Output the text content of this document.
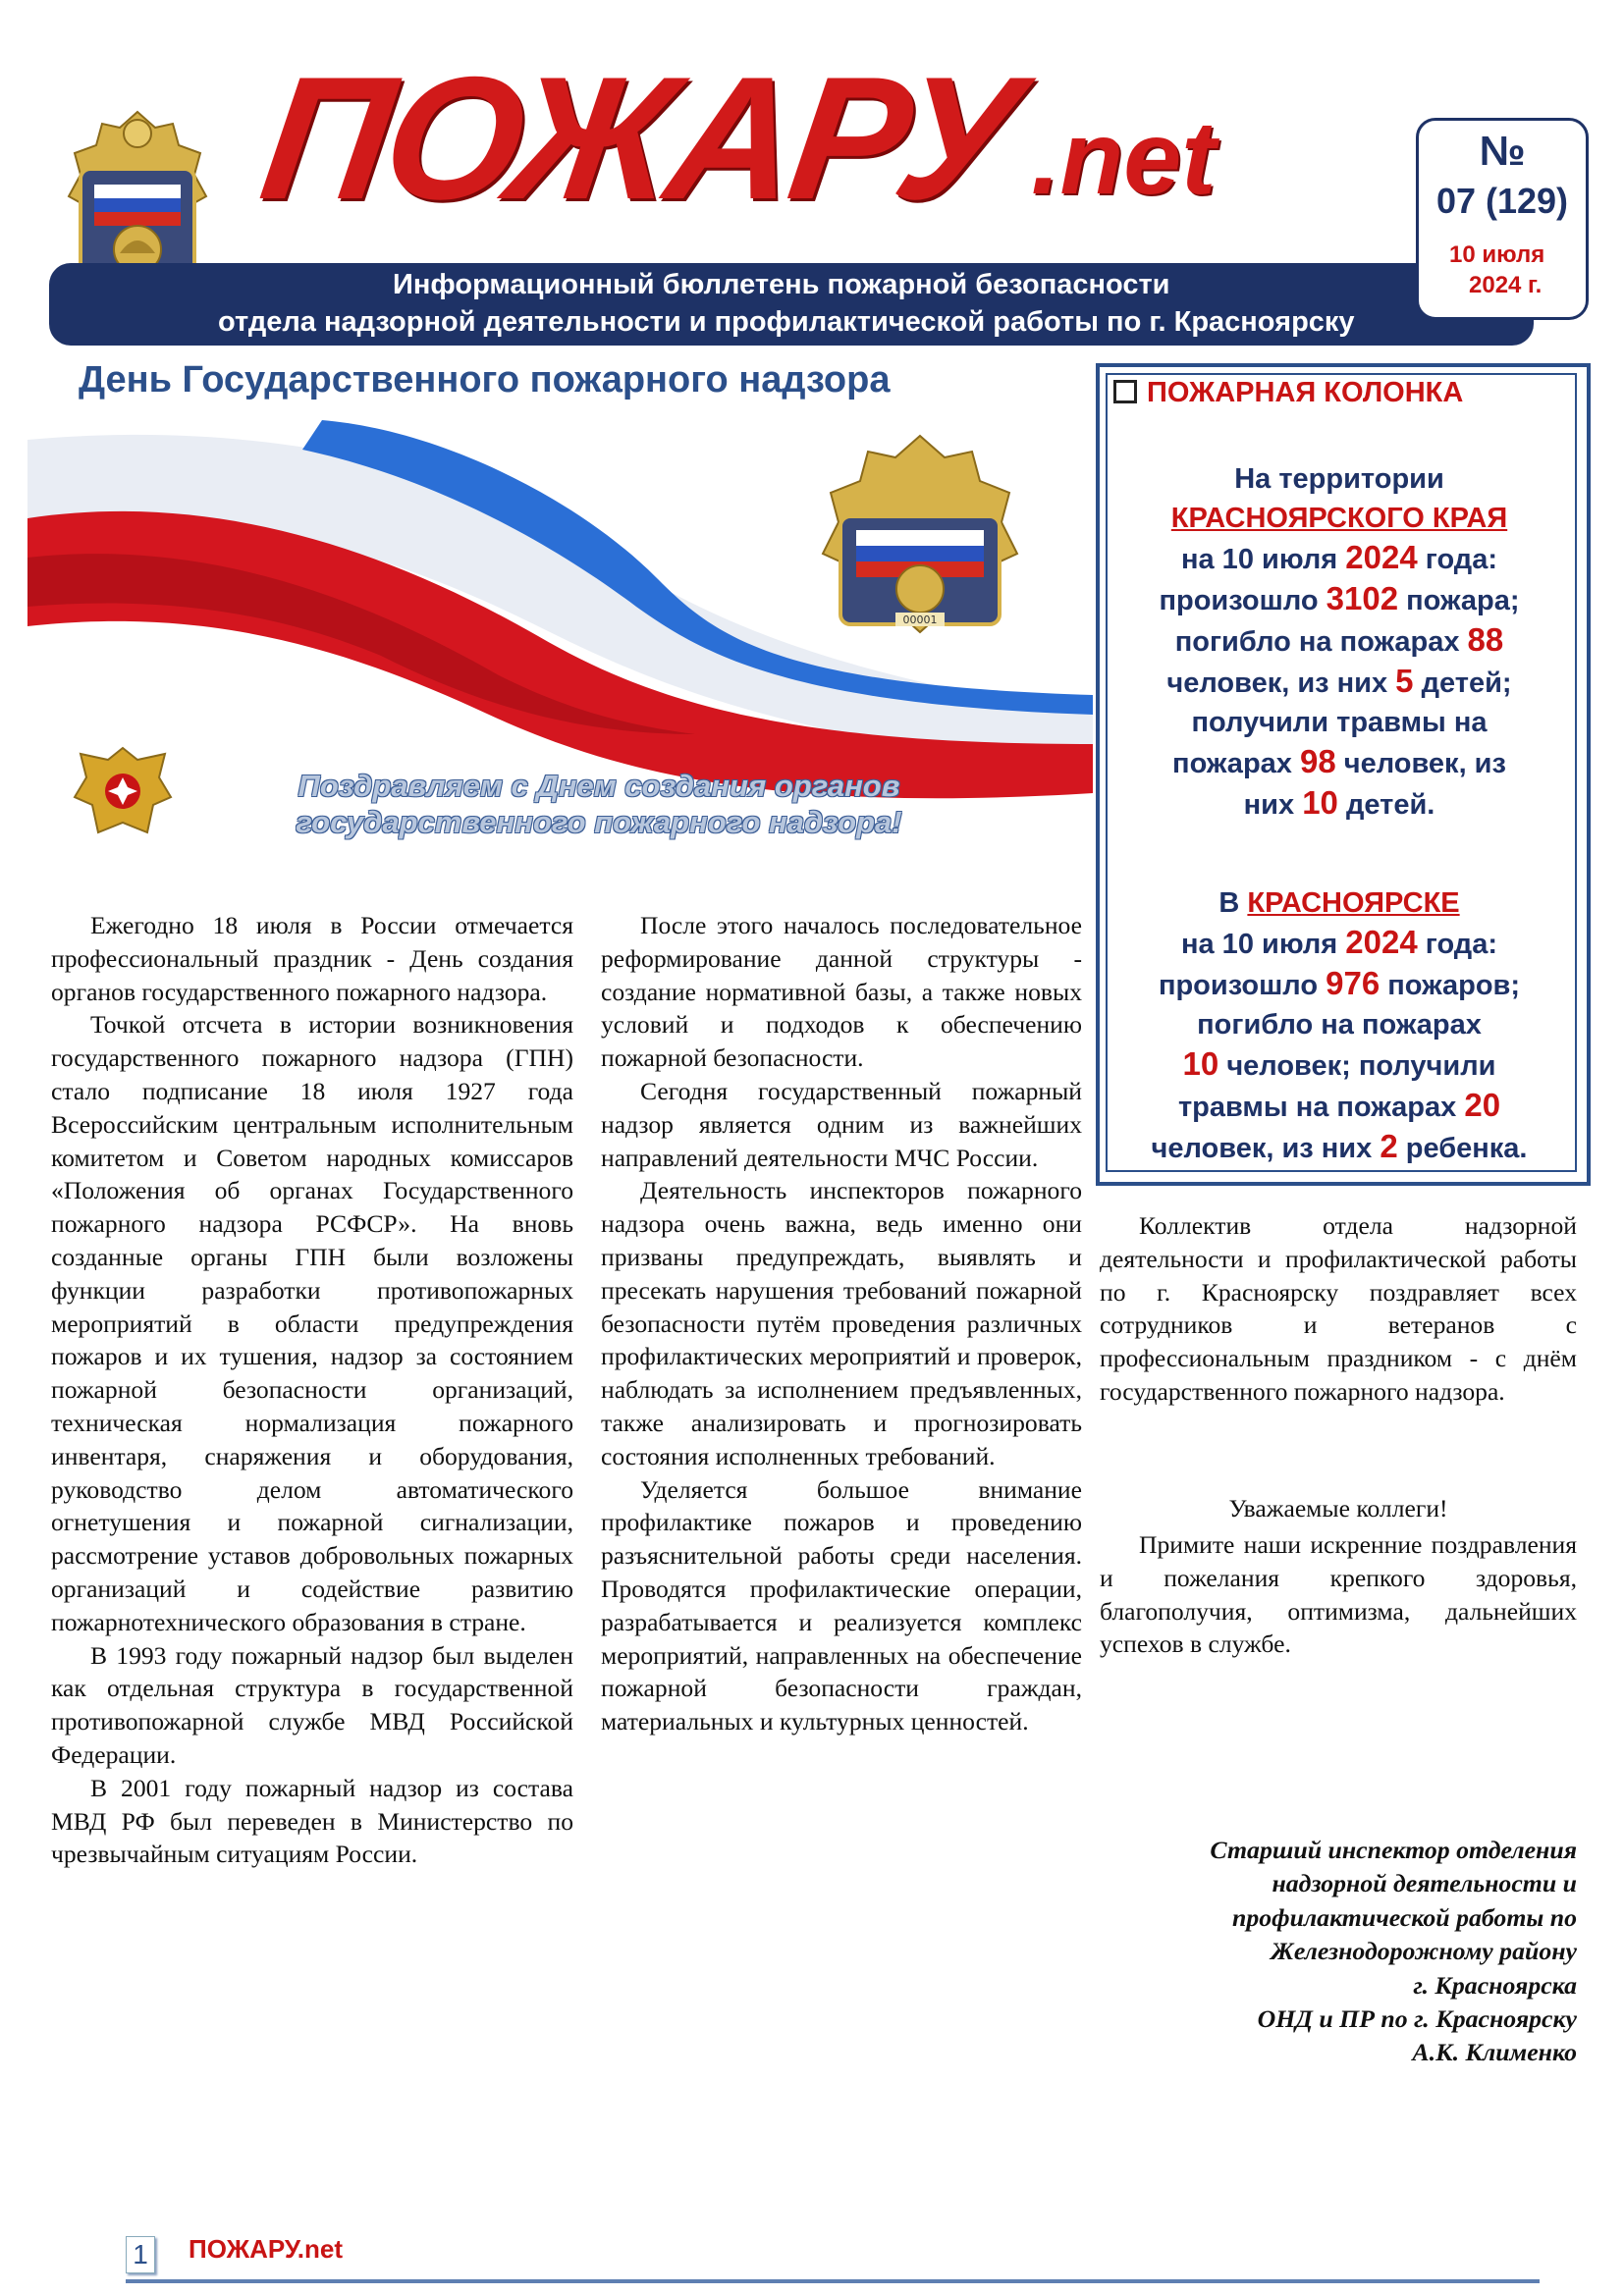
ПОЖАРУ .net
Информационный бюллетень пожарной безопасности
отдела надзорной деятельности и профилактической работы по г. Красноярску
№
07 (129)
10 июля
2024 г.
День Государственного пожарного надзора
00001
Поздравляем с Днем создания органов
государственного пожарного надзора!

Ежегодно 18 июля в России отмечается профессиональный праздник - День создания органов государственного пожарного надзора.

Точкой отсчета в истории возникновения государственного пожарного надзора (ГПН) стало подписание 18 июля 1927 года Всероссийским центральным исполнительным комитетом и Советом народных комиссаров «Положения об органах Государственного пожарного надзора РСФСР». На вновь созданные органы ГПН были возложены функции разработки противопожарных мероприятий в области предупреждения пожаров и их тушения, надзор за состоянием пожарной безопасности организаций, техническая нормализация пожарного инвентаря, снаряжения и оборудования, руководство делом автоматического огнетушения и пожарной сигнализации, рассмотрение уставов добровольных пожарных организаций и содействие развитию пожарнотехнического образования в стране.

В 1993 году пожарный надзор был выделен как отдельная структура в государственной противопожарной службе МВД Российской Федерации.

В 2001 году пожарный надзор из состава МВД РФ был переведен в Министерство по чрезвычайным ситуациям России.

После этого началось последовательное реформирование данной структуры - создание нормативной базы, а также новых условий и подходов к обеспечению пожарной безопасности.

Сегодня государственный пожарный надзор является одним из важнейших направлений деятельности МЧС России.

Деятельность инспекторов пожарного надзора очень важна, ведь именно они призваны предупреждать, выявлять и пресекать нарушения требований пожарной безопасности путём проведения различных профилактических мероприятий и проверок, наблюдать за исполнением предъявленных, также анализировать и прогнозировать состояния исполненных требований.

Уделяется большое внимание профилактике пожаров и проведению разъяснительной работы среди населения. Проводятся профилактические операции, разрабатывается и реализуется комплекс мероприятий, направленных на обеспечение пожарной безопасности граждан, материальных и культурных ценностей.

ПОЖАРНАЯ КОЛОНКА
На территории
КРАСНОЯРСКОГО КРАЯ
на 10 июля 2024 года:
произошло 3102 пожара;
погибло на пожарах 88
человек, из них 5 детей;
получили травмы на
пожарах 98 человек, из
них 10 детей.
В КРАСНОЯРСКЕ
на 10 июля 2024 года:
произошло 976 пожаров;
погибло на пожарах
10 человек; получили
травмы на пожарах 20
человек, из них 2 ребенка.

Коллектив отдела надзорной деятельности и профилактической работы по г. Красноярску поздравляет всех сотрудников и ветеранов с профессиональным праздником - с днём государственного пожарного надзора.

Уважаемые коллеги!

Примите наши искренние поздравления и пожелания крепкого здоровья, благополучия, оптимизма, дальнейших успехов в службе.

Старший инспектор отделения
надзорной деятельности и
профилактической работы по
Железнодорожному району
г. Красноярска
ОНД и ПР по г. Красноярску
А.К. Клименко
1 ПОЖАРУ.net
